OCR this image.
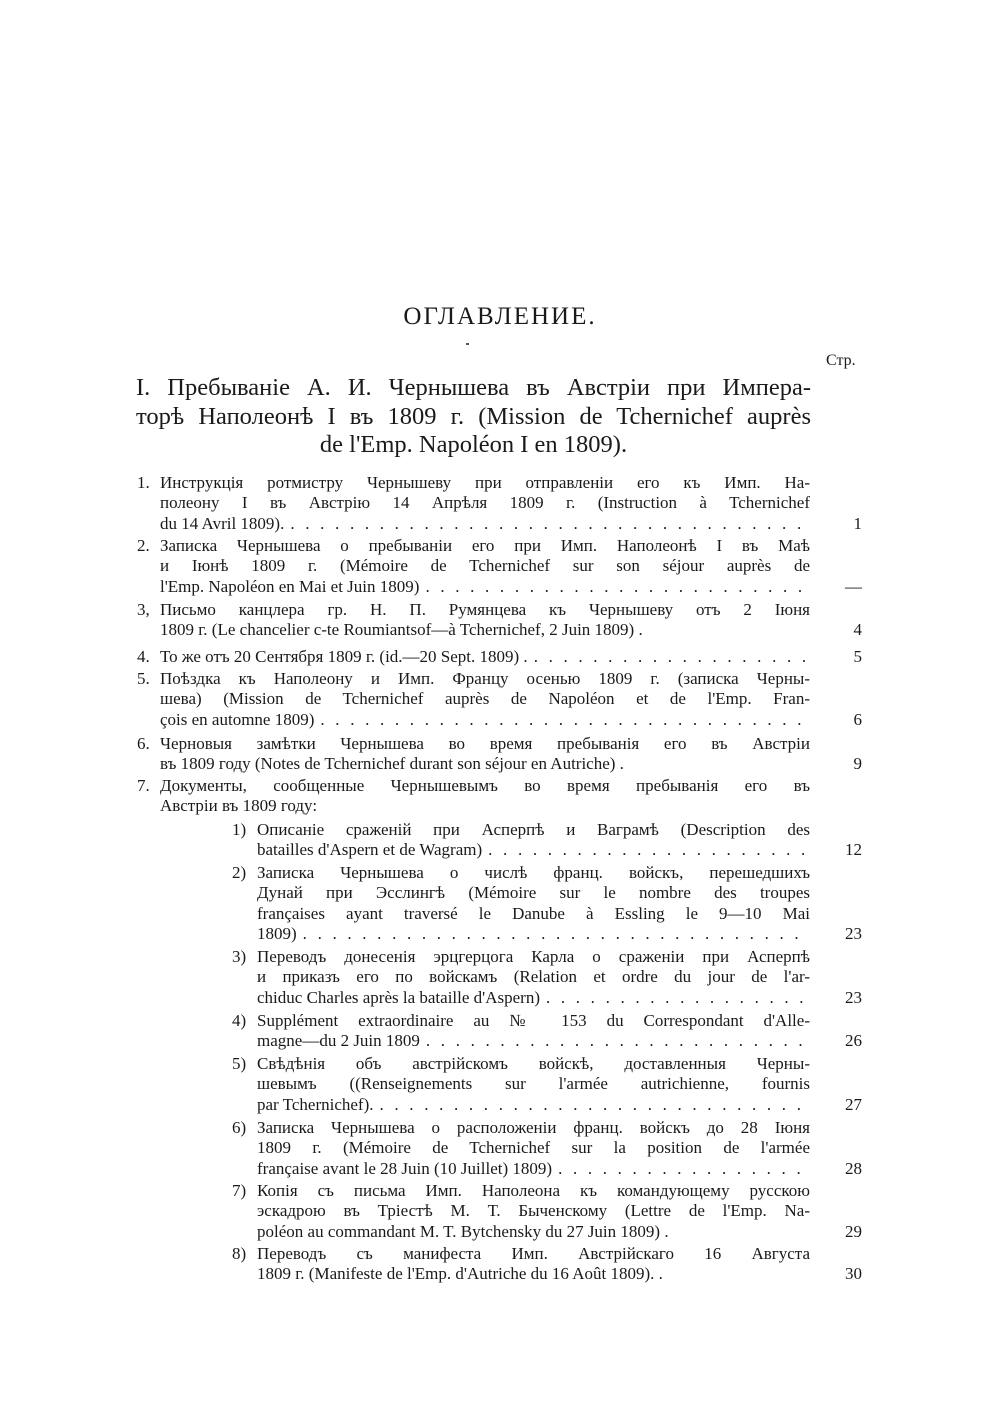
ОГЛАВЛЕНИЕ.
Стр.
I. Пребываніе А. И. Чернышева въ Австріи при Импера-
торѣ Наполеонѣ I въ 1809 г. (Mission de Tchernichef auprès
de l'Emp. Napoléon I en 1809).
1. Инструкція ротмистру Чернышеву при отправленіи его къ Имп. На-
полеону I въ Австрію 14 Апрѣля 1809 г. (Instruction à Tchernichef
du 14 Avril 1809). . . .	1
2. Записка Чернышева о пребываніи его при Имп. Наполеонѣ I въ Маѣ
и Іюнѣ 1809 г. (Mémoire de Tchernichef sur son séjour auprès de
l'Emp. Napoléon en Mai et Juin 1809) . . .	—
3, Письмо канцлера гр. Н. П. Румянцева къ Чернышеву отъ 2 Іюня
1809 г. (Le chancelier c-te Roumiantsof—à Tchernichef, 2 Juin 1809) .	4
4. То же отъ 20 Сентября 1809 г. (id.—20 Sept. 1809) . . . .	5
5. Поѣздка къ Наполеону и Имп. Францу осенью 1809 г. (записка Черны-
шева) (Mission de Tchernichef auprès de Napoléon et de l'Emp. Fran-
çois en automne 1809) . . .	6
6. Черновыя замѣтки Чернышева во время пребыванія его въ Австріи
въ 1809 году (Notes de Tchernichef durant son séjour en Autriche) .	9
7. Документы, сообщенные Чернышевымъ во время пребыванія его въ
Австріи въ 1809 году:
1) Описаніе сраженій при Асперпѣ и Ваграмѣ (Description des
batailles d'Aspern et de Wagram) . . .	12
2) Записка Чернышева о числѣ франц. войскъ, перешедшихъ
Дунай при Эсслингѣ (Mémoire sur le nombre des troupes
françaises ayant traversé le Danube à Essling le 9—10 Mai
1809) . . .	23
3) Переводъ донесенія эрцгерцога Карла о сраженіи при Асперпѣ
и приказъ его по войскамъ (Relation et ordre du jour de l'ar-
chiduc Charles après la bataille d'Aspern) . . .	23
4) Supplément extraordinaire au № 153 du Correspondant d'Alle-
magne—du 2 Juin 1809 . . .	26
5) Свѣдѣнія объ австрійскомъ войскѣ, доставленныя Черны-
шевымъ ((Renseignements sur l'armée autrichienne, fournis
par Tchernichef). . . .	27
6) Записка Чернышева о расположеніи франц. войскъ до 28 Іюня
1809 г. (Mémoire de Tchernichef sur la position de l'armée
française avant le 28 Juin (10 Juillet) 1809) . . .	28
7) Копія съ письма Имп. Наполеона къ командующему русскою
эскадрою въ Тріестѣ М. Т. Быченскому (Lettre de l'Emp. Na-
poléon au commandant M. T. Bytchensky du 27 Juin 1809) .	29
8) Переводъ съ манифеста Имп. Австрійскаго 16 Августа
1809 г. (Manifeste de l'Emp. d'Autriche du 16 Août 1809). .	30
